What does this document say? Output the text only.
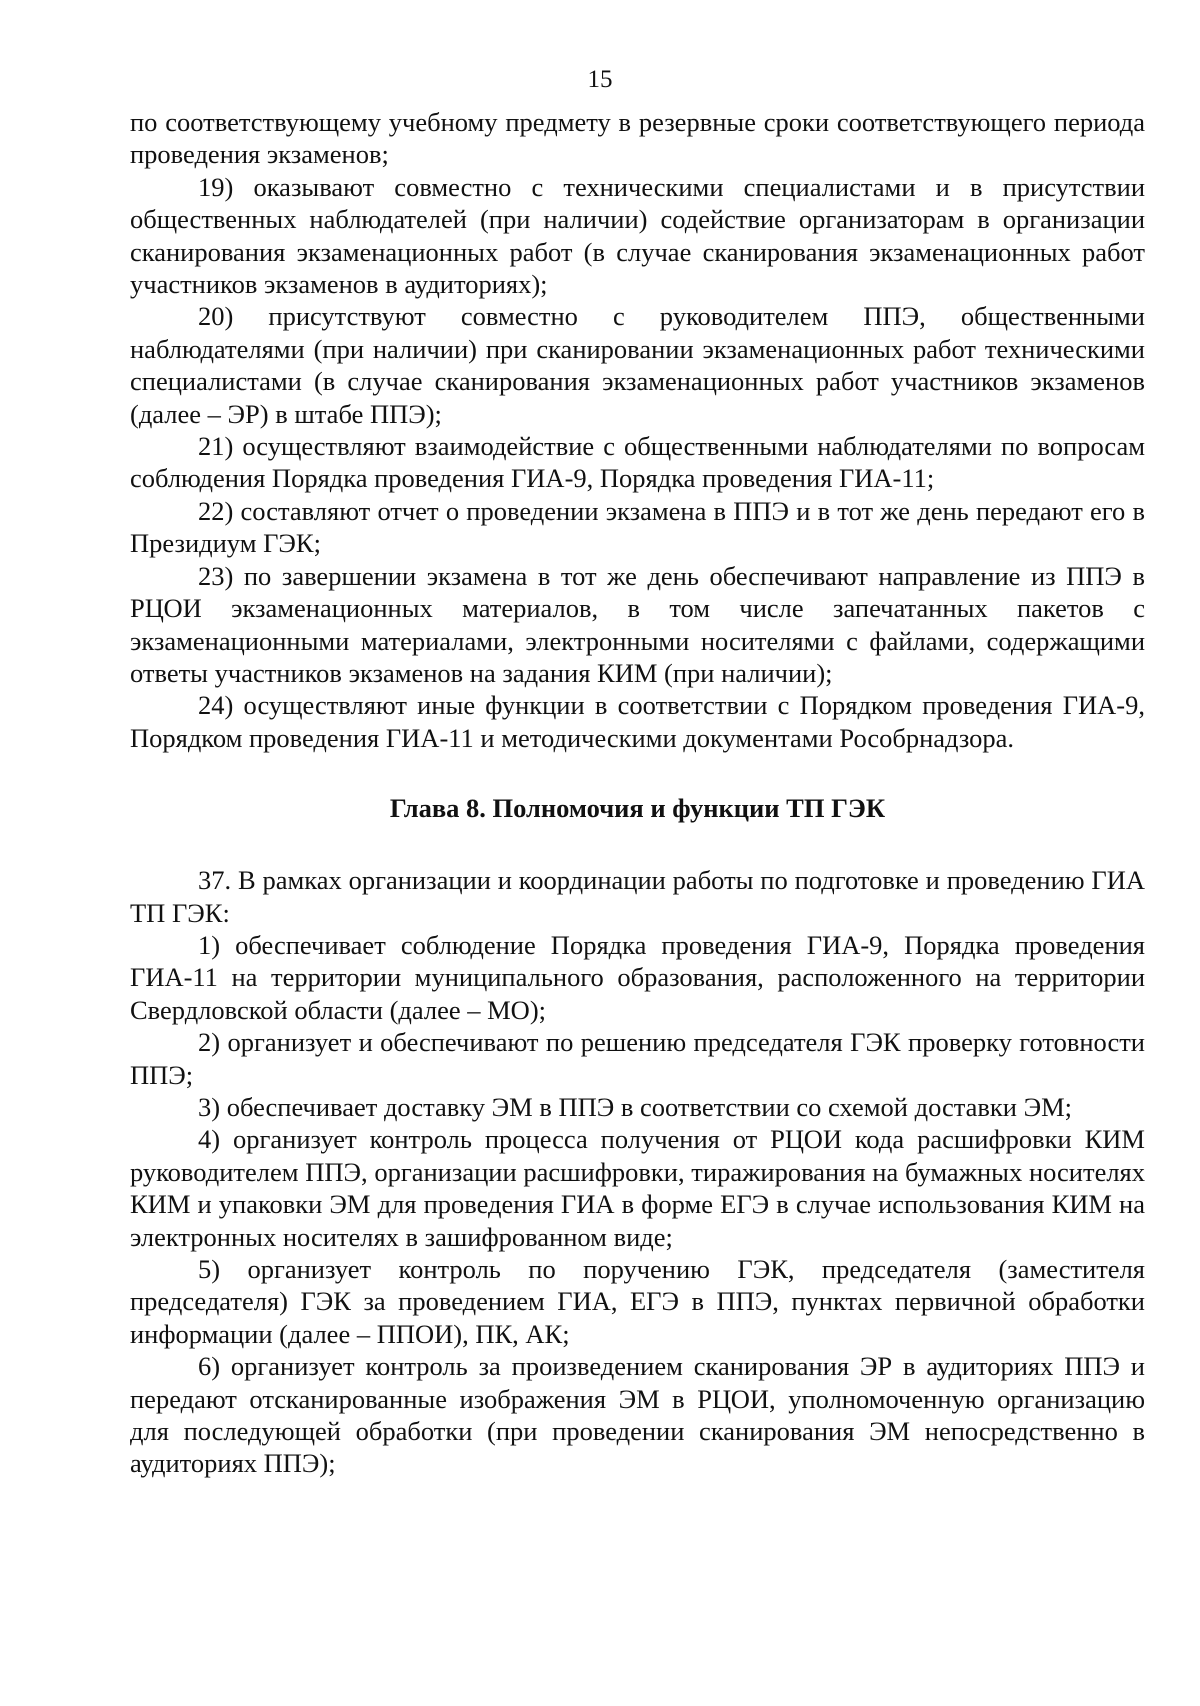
15

по соответствующему учебному предмету в резервные сроки соответствующего периода проведения экзаменов;

19) оказывают совместно с техническими специалистами и в присутствии общественных наблюдателей (при наличии) содействие организаторам в организации сканирования экзаменационных работ (в случае сканирования экзаменационных работ участников экзаменов в аудиториях);

20) присутствуют совместно с руководителем ППЭ, общественными наблюдателями (при наличии) при сканировании экзаменационных работ техническими специалистами (в случае сканирования экзаменационных работ участников экзаменов (далее – ЭР) в штабе ППЭ);

21) осуществляют взаимодействие с общественными наблюдателями по вопросам соблюдения Порядка проведения ГИА-9, Порядка проведения ГИА-11;

22) составляют отчет о проведении экзамена в ППЭ и в тот же день передают его в Президиум ГЭК;

23) по завершении экзамена в тот же день обеспечивают направление из ППЭ в РЦОИ экзаменационных материалов, в том числе запечатанных пакетов с экзаменационными материалами, электронными носителями с файлами, содержащими ответы участников экзаменов на задания КИМ (при наличии);

24) осуществляют иные функции в соответствии с Порядком проведения ГИА-9, Порядком проведения ГИА-11 и методическими документами Рособрнадзора.

Глава 8. Полномочия и функции ТП ГЭК

37. В рамках организации и координации работы по подготовке и проведению ГИА ТП ГЭК:

1) обеспечивает соблюдение Порядка проведения ГИА-9, Порядка проведения ГИА-11 на территории муниципального образования, расположенного на территории Свердловской области (далее – МО);

2) организует и обеспечивают по решению председателя ГЭК проверку готовности ППЭ;

3) обеспечивает доставку ЭМ в ППЭ в соответствии со схемой доставки ЭМ;

4) организует контроль процесса получения от РЦОИ кода расшифровки КИМ руководителем ППЭ, организации расшифровки, тиражирования на бумажных носителях КИМ и упаковки ЭМ для проведения ГИА в форме ЕГЭ в случае использования КИМ на электронных носителях в зашифрованном виде;

5) организует контроль по поручению ГЭК, председателя (заместителя председателя) ГЭК за проведением ГИА, ЕГЭ в ППЭ, пунктах первичной обработки информации (далее – ППОИ), ПК, АК;

6) организует контроль за произведением сканирования ЭР в аудиториях ППЭ и передают отсканированные изображения ЭМ в РЦОИ, уполномоченную организацию для последующей обработки (при проведении сканирования ЭМ непосредственно в аудиториях ППЭ);
